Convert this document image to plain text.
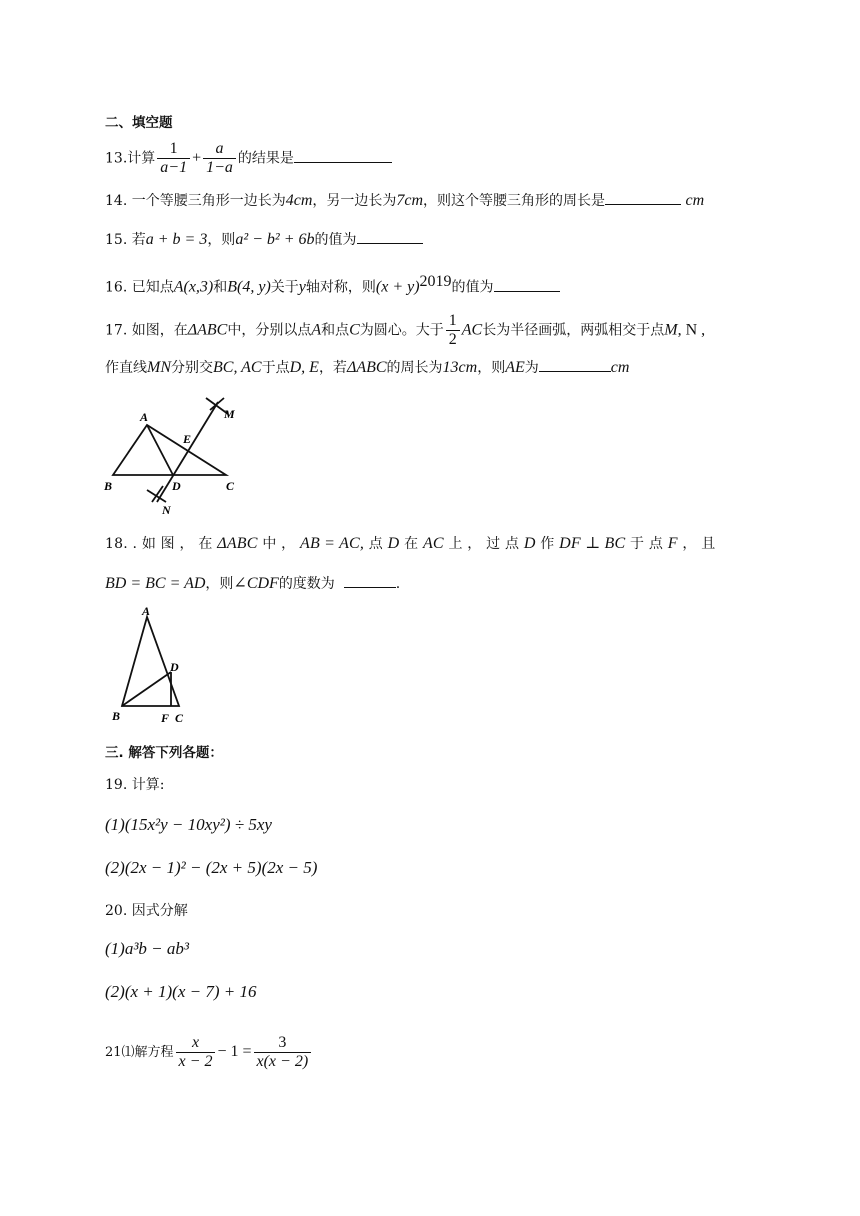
二、填空题
13.计算 $\frac{1}{a-1} + \frac{a}{1-a}$ 的结果是
14. 一个等腰三角形一边长为4cm，另一边长为7cm，则这个等腰三角形的周长是	cm
15. 若a + b = 3，则a² − b² + 6b的值为
16. 已知点A(x,3)和B(4, y)关于y轴对称，则$(x + y)^{2019}$的值为
17. 如图，在ΔABC中，分别以点A和点C为圆心。大于 $\frac{1}{2}$ AC长为半径画弧，两弧相交于点M, N ,
作直线MN分别交BC, AC于点D, E，若ΔABC的周长为13cm，则AE为	cm
A
B	C
D
E
M
N
18. . 如 图 ， 在 ΔABC 中 ， AB = AC, 点 D 在 AC 上 ， 过 点 D 作 DF ⊥ BC 于 点 F ， 且
BD = BC = AD，则∠CDF的度数为	.
A
B	C
D
F
三. 解答下列各题：
19. 计算:
(1)(15x²y − 10xy²) ÷ 5xy
(2)(2x − 1)² − (2x + 5)(2x − 5)
20. 因式分解
(1)a³b − ab³
(2)(x + 1)(x − 7) + 16
21⑴解方程 $\frac{x}{x - 2} - 1 = \frac{3}{x(x - 2)}$
